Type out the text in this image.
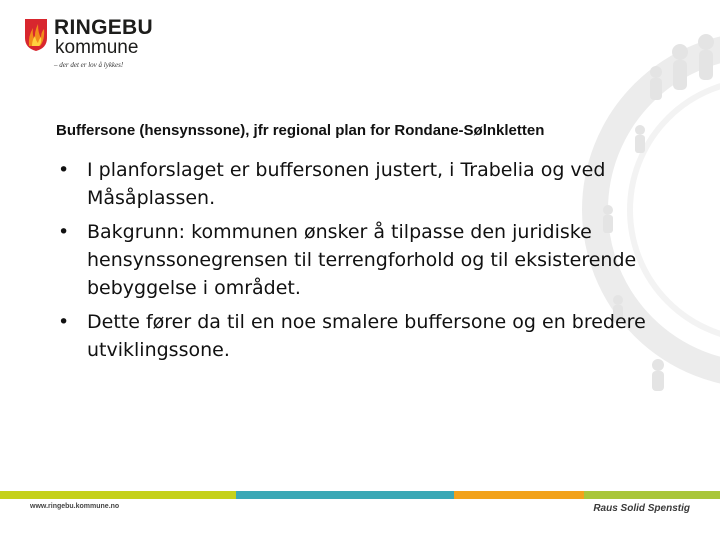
RINGEBU
kommune
– der det er lov å lykkes!
Buffersone (hensynssone), jfr regional plan for Rondane-Sølnkletten
• I planforslaget er buffersonen justert, i Trabelia og ved Måsåplassen.
• Bakgrunn: kommunen ønsker å tilpasse den juridiske hensynssonegrensen til terrengforhold og til eksisterende bebyggelse i området.
• Dette fører da til en noe smalere buffersone og en bredere utviklingssone.
www.ringebu.kommune.no	Raus Solid Spenstig
